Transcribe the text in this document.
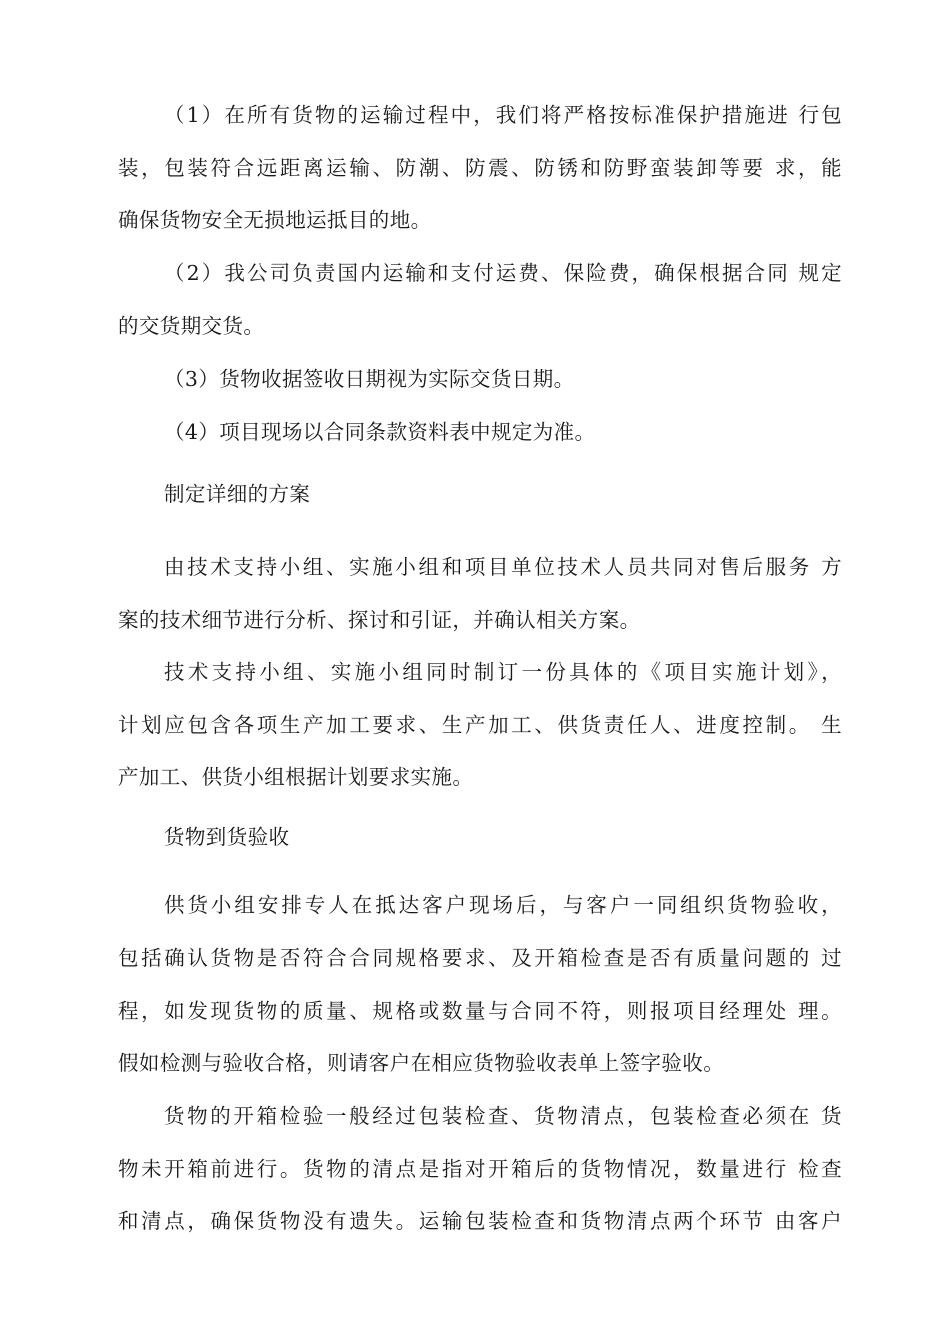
（1）在所有货物的运输过程中，我们将严格按标准保护措施进 行包
装，包装符合远距离运输、防潮、防震、防锈和防野蛮装卸等要 求，能
确保货物安全无损地运抵目的地。
（2）我公司负责国内运输和支付运费、保险费，确保根据合同 规定
的交货期交货。
（3）货物收据签收日期视为实际交货日期。
（4）项目现场以合同条款资料表中规定为准。
制定详细的方案
由技术支持小组、实施小组和项目单位技术人员共同对售后服务 方
案的技术细节进行分析、探讨和引证，并确认相关方案。
技术支持小组、实施小组同时制订一份具体的《项目实施计划》，
计划应包含各项生产加工要求、生产加工、供货责任人、进度控制。 生
产加工、供货小组根据计划要求实施。
货物到货验收
供货小组安排专人在抵达客户现场后，与客户一同组织货物验收，
包括确认货物是否符合合同规格要求、及开箱检查是否有质量问题的 过
程，如发现货物的质量、规格或数量与合同不符，则报项目经理处 理。
假如检测与验收合格，则请客户在相应货物验收表单上签字验收。
货物的开箱检验一般经过包装检查、货物清点，包装检查必须在 货
物未开箱前进行。货物的清点是指对开箱后的货物情况，数量进行 检查
和清点，确保货物没有遗失。运输包装检查和货物清点两个环节 由客户
